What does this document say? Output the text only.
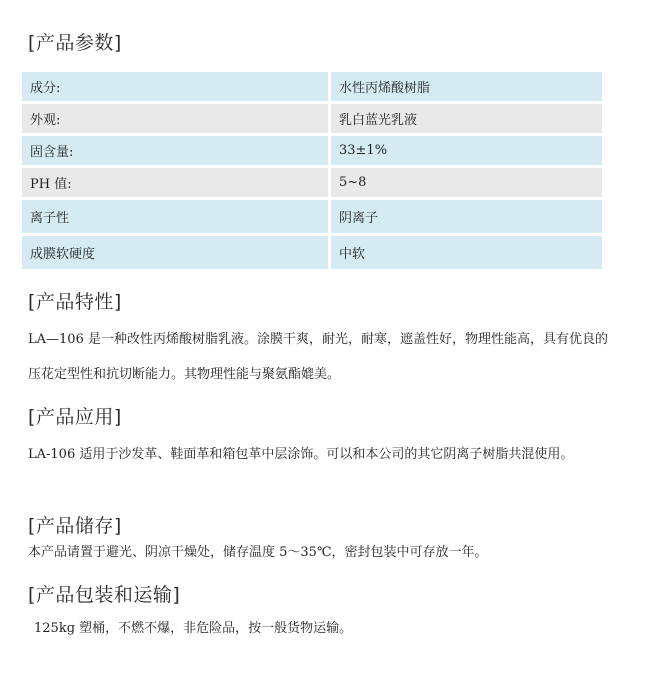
[产品参数]
成分:	水性丙烯酸树脂
外观:	乳白蓝光乳液
固含量:	33±1%
PH 值:	5~8
离子性	阴离子
成膜软硬度	中软
[产品特性]
LA—106 是一种改性丙烯酸树脂乳液。涂膜干爽，耐光，耐寒，遮盖性好，物理性能高，具有优良的压花定型性和抗切断能力。其物理性能与聚氨酯媲美。
[产品应用]
LA-106 适用于沙发革、鞋面革和箱包革中层涂饰。可以和本公司的其它阴离子树脂共混使用。
[产品储存]
本产品请置于避光、阴凉干燥处，储存温度 5～35℃，密封包装中可存放一年。
[产品包装和运输]
125kg 塑桶，不燃不爆，非危险品，按一般货物运输。
